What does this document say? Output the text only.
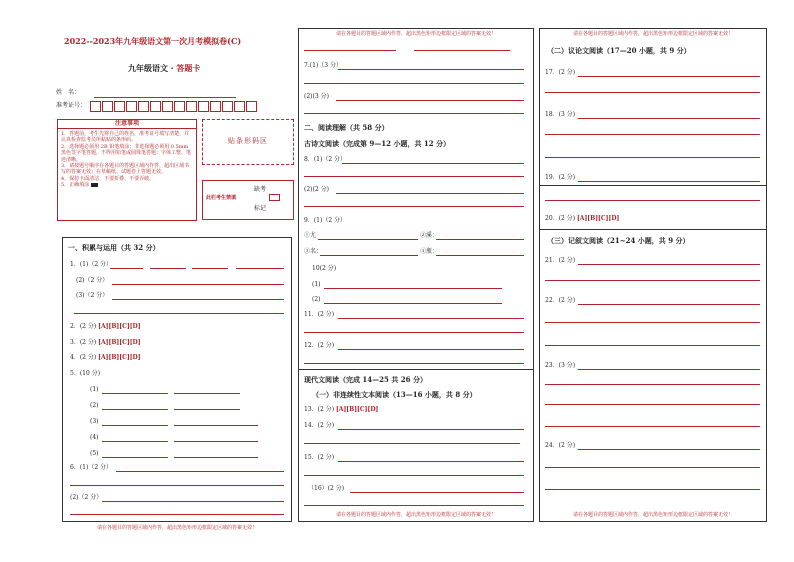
2022--2023年九年级语文第一次月考模拟卷(C)
九年级语文 · 答题卡
姓　名：
准考证号：
注意事项
1．答题前，考生先将自己的姓名，准考证号填写清楚，并认真检查监考员所粘贴的条形码。
2．选择题必须用 2B 铅笔填涂；非选择题必须用 0.5mm 黑色签字笔答题，不得用铅笔或圆珠笔答题；字体工整、笔迹清晰。
3．请按题号顺序在各题目的答题区域内作答，超出区域书写的答案无效；在草稿纸、试题卷上答题无效。
4．保持卡面清洁，不要折叠、不要弄破。
5．正确填涂
贴条形码区
此栏考生禁填
缺考
标记
一、积累与运用（共 32 分）
1．(1)（2 分）
(2)（2 分）
(3)（2 分）
2．(2 分) [A][B][C][D]
3．(2 分) [A][B][C][D]
4．(2 分) [A][B][C][D]
5．(10 分)
(1)
(2)
(3)
(4)
(5)
6．(1)（2 分）
(2)（2 分）
请在各题目的答题区域内作答，超出黑色矩形边框限定区域的答案无效！
请在各题目的答题区域内作答，超出黑色矩形边框限定区域的答案无效！
7.(1)（3 分）
(2)(3 分)
二、阅读理解（共 58 分）
古诗文阅读（完成第 9—12 小题，共 12 分）
8．(1)（2 分）
(2)(2 分)
9．(1)（2 分）
①尤	②溪：
③名：	④瓶：
10(2 分)
(1)
(2)
11．(2 分)
12．(2 分)
现代文阅读（完成 14—25 共 26 分）
（一）非连续性文本阅读（13—16 小题，共 8 分）
13．(2 分) [A][B][C][D]
14．(2 分)
15．(2 分)
（16）(2 分)
请在各题目的答题区域内作答，超出黑色矩形边框限定区域的答案无效！
请在各题目的答题区域内作答，超出黑色矩形边框限定区域的答案无效！
（二）议论文阅读（17—20 小题，共 9 分）
17．(2 分)
18．(3 分)
19．(2 分)
20．(2 分) [A][B][C][D]
（三）记叙文阅读（21~24 小题，共 9 分）
21．(2 分)
22．(2 分)
23．(3 分)
24．(2 分)
请在各题目的答题区域内作答，超出黑色矩形边框限定区域的答案无效！
